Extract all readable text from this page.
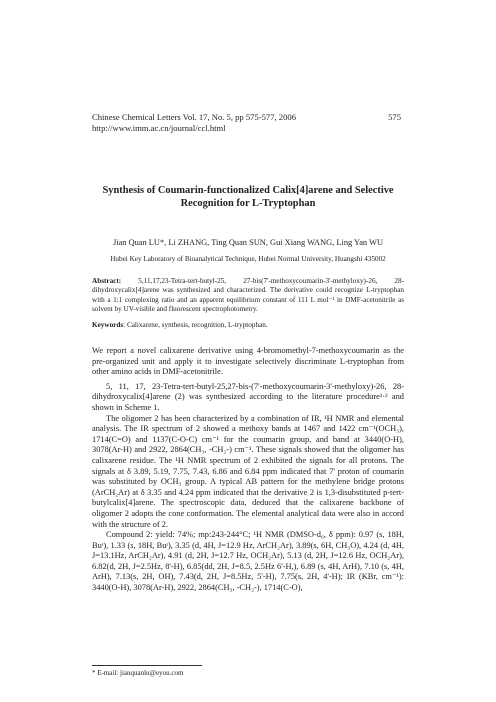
Chinese Chemical Letters Vol. 17, No. 5, pp 575-577, 2006
http://www.imm.ac.cn/journal/ccl.html
575
Synthesis of Coumarin-functionalized Calix[4]arene and Selective
Recognition for L-Tryptophan
Jian Quan LU*, Li ZHANG, Ting Quan SUN, Gui Xiang WANG, Ling Yan WU
Hubei Key Laboratory of Bioanalytical Technique, Hubei Normal University, Huangshi 435002
Abstract: 5,11,17,23-Tetra-tert-butyl-25, 27-bis(7'-methoxycoumarin-3'-methyloxy)-26, 28-dihydroxycalix[4]arene was synthesized and characterized. The derivative could recognize L-tryptophan with a 1:1 complexing ratio and an apparent equilibrium constant of 111 L mol⁻¹ in DMF-acetonitrile as solvent by UV-visible and fluorescent spectrophotometry.
Keywords: Calixarene, synthesis, recognition, L-tryptophan.

We report a novel calixarene derivative using 4-bromomethyl-7-methoxycoumarin as the pre-organized unit and apply it to investigate selectively discriminate L-tryptophan from other amino acids in DMF-acetonitrile.

5, 11, 17, 23-Tetra-tert-butyl-25,27-bis-(7'-methoxycoumarin-3'-methyloxy)-26, 28-dihydroxycalix[4]arene (2) was synthesized according to the literature procedure¹·² and shown in Scheme 1.

The oligomer 2 has been characterized by a combination of IR, ¹H NMR and elemental analysis. The IR spectrum of 2 showed a methoxy bands at 1467 and 1422 cm⁻¹(OCH₃), 1714(C=O) and 1137(C-O-C) cm⁻¹ for the coumarin group, and band at 3440(O-H), 3078(Ar-H) and 2922, 2864(CH₃, -CH₂-) cm⁻¹. These signals showed that the oligomer has calixarene residue. The ¹H NMR spectrum of 2 exhibited the signals for all protons. The signals at δ 3.89, 5.19, 7.75, 7.43, 6.86 and 6.84 ppm indicated that 7' proton of coumarin was substituted by OCH₃ group. A typical AB pattern for the methylene bridge protons (ArCH₂Ar) at δ 3.35 and 4.24 ppm indicated that the derivative 2 is 1,3-disubstituted p-tert-butylcalix[4]arene. The spectroscopic data, deduced that the calixarene backbone of oligomer 2 adopts the cone conformation. The elemental analytical data were also in accord with the structure of 2.

Compound 2: yield: 74%; mp:243-244°C; ¹H NMR (DMSO-d₆, δ ppm): 0.97 (s, 18H, Buᵗ), 1.33 (s, 18H, Buᵗ), 3.35 (d, 4H, J=12.9 Hz, ArCH₂Ar), 3.89(s, 6H, CH₃O), 4.24 (d, 4H, J=13.1Hz, ArCH₂Ar), 4.91 (d, 2H, J=12.7 Hz, OCH₂Ar), 5.13 (d, 2H, J=12.6 Hz, OCH₂Ar), 6.82(d, 2H, J=2.5Hz, 8'-H), 6.85(dd, 2H, J=8.5, 2.5Hz 6'-H,), 6.89 (s, 4H, ArH), 7.10 (s, 4H, ArH), 7.13(s, 2H, OH), 7.43(d, 2H, J=8.5Hz, 5'-H), 7.75(s, 2H, 4'-H); IR (KBr, cm⁻¹): 3440(O-H), 3078(Ar-H), 2922, 2864(CH₃, -CH₂-), 1714(C-O),

* E-mail: jianquanlu@eyou.com
